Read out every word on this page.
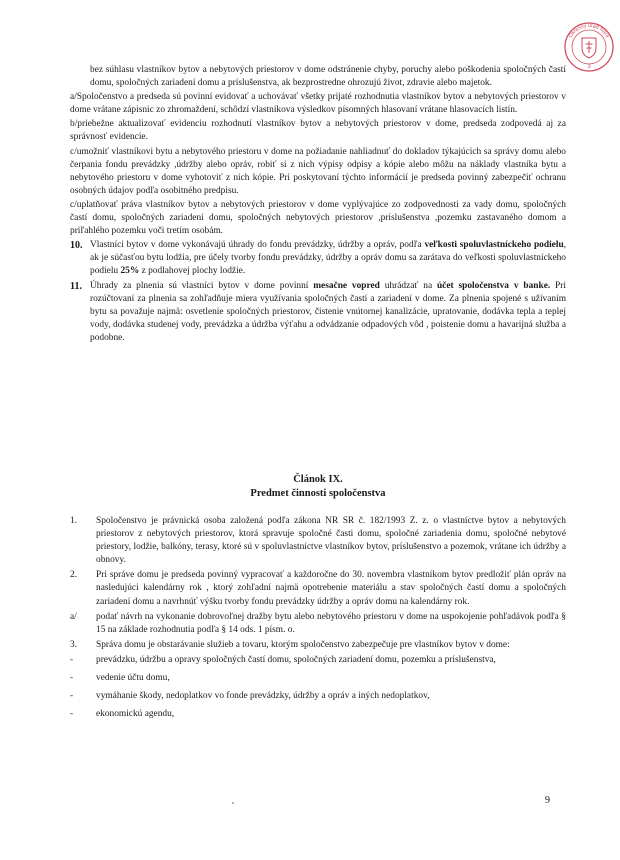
3
Okresný úrad Nitra

bez súhlasu vlastníkov bytov a nebytových priestorov v dome odstránenie chyby, poruchy alebo poškodenia spoločných častí domu, spoločných zariadení domu a príslušenstva, ak bezprostredne ohrozujú život, zdravie alebo majetok.

a/Spoločenstvo a predseda sú povinní evidovať a uchovávať všetky prijaté rozhodnutia vlastníkov bytov a nebytových priestorov v dome vrátane zápisnic zo zhromaždení, schôdzí vlastníkova výsledkov písomných hlasovaní vrátane hlasovacích listín.

b/priebežne aktualizovať evidenciu rozhodnutí vlastníkov bytov a nebytových priestorov v dome, predseda zodpovedá aj za správnosť evidencie.

c/umožniť vlastníkovi bytu a nebytového priestoru v dome na požiadanie nahliadnuť do dokladov týkajúcich sa správy domu alebo čerpania fondu prevádzky ,údržby alebo opráv, robiť si z nich výpisy odpisy a kópie alebo môžu na náklady vlastníka bytu a nebytového priestoru v dome vyhotoviť z nich kópie. Pri poskytovaní týchto informácií je predseda povinný zabezpečiť ochranu osobných údajov podľa osobitného predpisu.

c/uplatňovať práva vlastníkov bytov a nebytových priestorov v dome vyplývajúce zo zodpovednosti za vady domu, spoločných častí domu, spoločných zariadení domu, spoločných nebytových priestorov ,príslušenstva ,pozemku zastavaného domom a priľahlého pozemku voči tretím osobám.

10. Vlastníci bytov v dome vykonávajú úhrady do fondu prevádzky, údržby a opráv, podľa veľkosti spoluvlastníckeho podielu, ak je súčasťou bytu lodžia, pre účely tvorby fondu prevádzky, údržby a opráv domu sa zarátava do veľkosti spoluvlastníckeho podielu 25% z podlahovej plochy lodžie.
11. Úhrady za plnenia sú vlastníci bytov v dome povinní mesačne vopred uhrádzať na účet spoločenstva v banke. Pri rozúčtovaní za plnenia sa zohľadňuje miera využívania spoločných častí a zariadení v dome. Za plnenia spojené s užívaním bytu sa považuje najmä: osvetlenie spoločných priestorov, čistenie vnútornej kanalizácie, upratovanie, dodávka tepla a teplej vody, dodávka studenej vody, prevádzka a údržba výťahu a odvádzanie odpadových vôd , poistenie domu a havarijná služba a podobne.

Článok IX.

Predmet činnosti spoločenstva

1. Spoločenstvo je právnická osoba založená podľa zákona NR SR č. 182/1993 Z. z. o vlastníctve bytov a nebytových priestorov z nebytových priestorov, ktorá spravuje spoločné časti domu, spoločné zariadenia domu, spoločné nebytové priestory, lodžie, balkóny, terasy, ktoré sú v spoluvlastníctve vlastníkov bytov, príslušenstvo a pozemok, vrátane ich údržby a obnovy.
2. Pri správe domu je predseda povinný vypracovať a každoročne do 30. novembra vlastníkom bytov predložiť plán opráv na nasledujúci kalendárny rok , ktorý zohľadní najmä opotrebenie materiálu a stav spoločných častí domu a spoločných zariadení domu a navrhnúť výšku tvorby fondu prevádzky údržby a opráv domu na kalendárny rok.
a/ podať návrh na vykonanie dobrovoľnej dražby bytu alebo nebytového priestoru v dome na uspokojenie pohľadávok podľa § 15 na základe rozhodnutia podľa § 14 ods. 1 písm. o.
3. Správa domu je obstarávanie služieb a tovaru, ktorým spoločenstvo zabezpečuje pre vlastníkov bytov v dome:
- prevádzku, údržbu a opravy spoločných častí domu, spoločných zariadení domu, pozemku a príslušenstva,
- vedenie účtu domu,
- vymáhanie škody, nedoplatkov vo fonde prevádzky, údržby a opráv a iných nedoplatkov,
- ekonomickú agendu,
9
